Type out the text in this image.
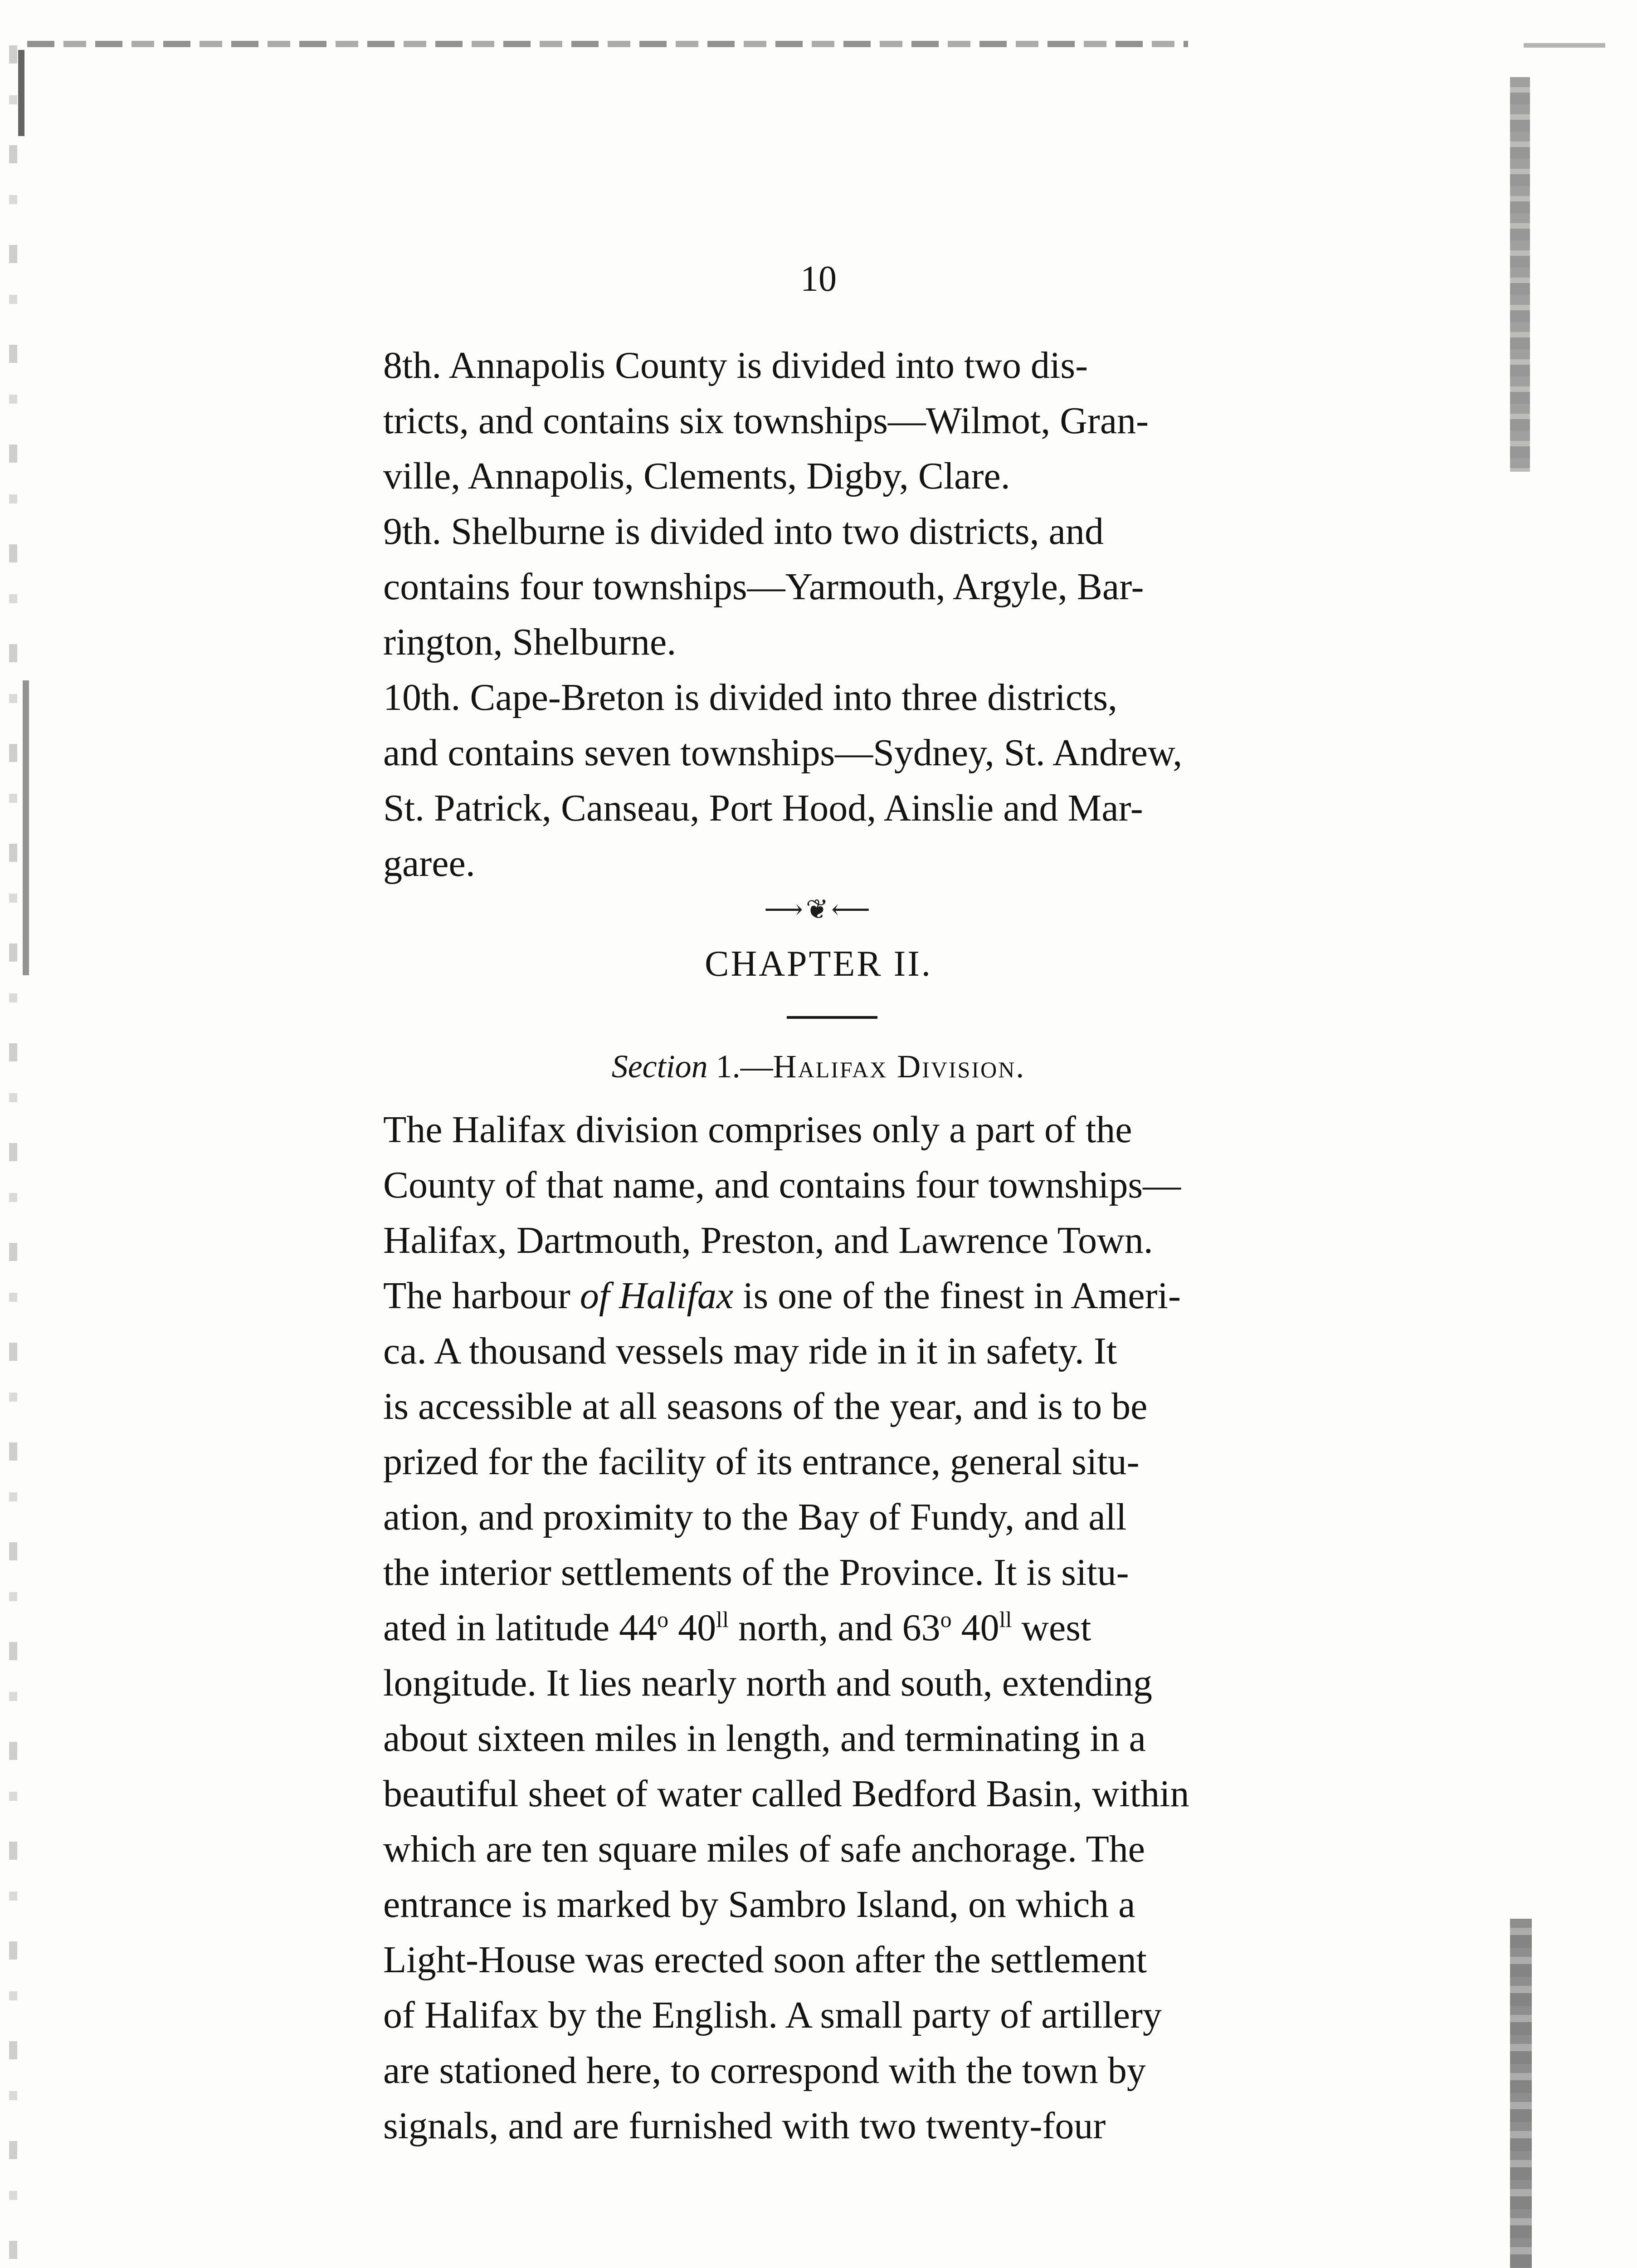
10

8th. Annapolis County is divided into two dis-

tricts, and contains six townships—Wilmot, Gran-

ville, Annapolis, Clements, Digby, Clare.

9th. Shelburne is divided into two districts, and

contains four townships—Yarmouth, Argyle, Bar-

rington, Shelburne.

10th. Cape-Breton is divided into three districts,

and contains seven townships—Sydney, St. Andrew,

St. Patrick, Canseau, Port Hood, Ainslie and Mar-

garee.

⟶❦⟵
CHAPTER II.
Section 1.—Halifax Division.

The Halifax division comprises only a part of the

County of that name, and contains four townships—

Halifax, Dartmouth, Preston, and Lawrence Town.

The harbour of Halifax is one of the finest in Ameri-

ca. A thousand vessels may ride in it in safety. It

is accessible at all seasons of the year, and is to be

prized for the facility of its entrance, general situ-

ation, and proximity to the Bay of Fundy, and all

the interior settlements of the Province. It is situ-

ated in latitude 44$^o$ $40^{ll}$ north, and 63$^o$ $40^{ll}$ west

longitude. It lies nearly north and south, extending

about sixteen miles in length, and terminating in a

beautiful sheet of water called Bedford Basin, within

which are ten square miles of safe anchorage. The

entrance is marked by Sambro Island, on which a

Light-House was erected soon after the settlement

of Halifax by the English. A small party of artillery

are stationed here, to correspond with the town by

signals, and are furnished with two twenty-four
